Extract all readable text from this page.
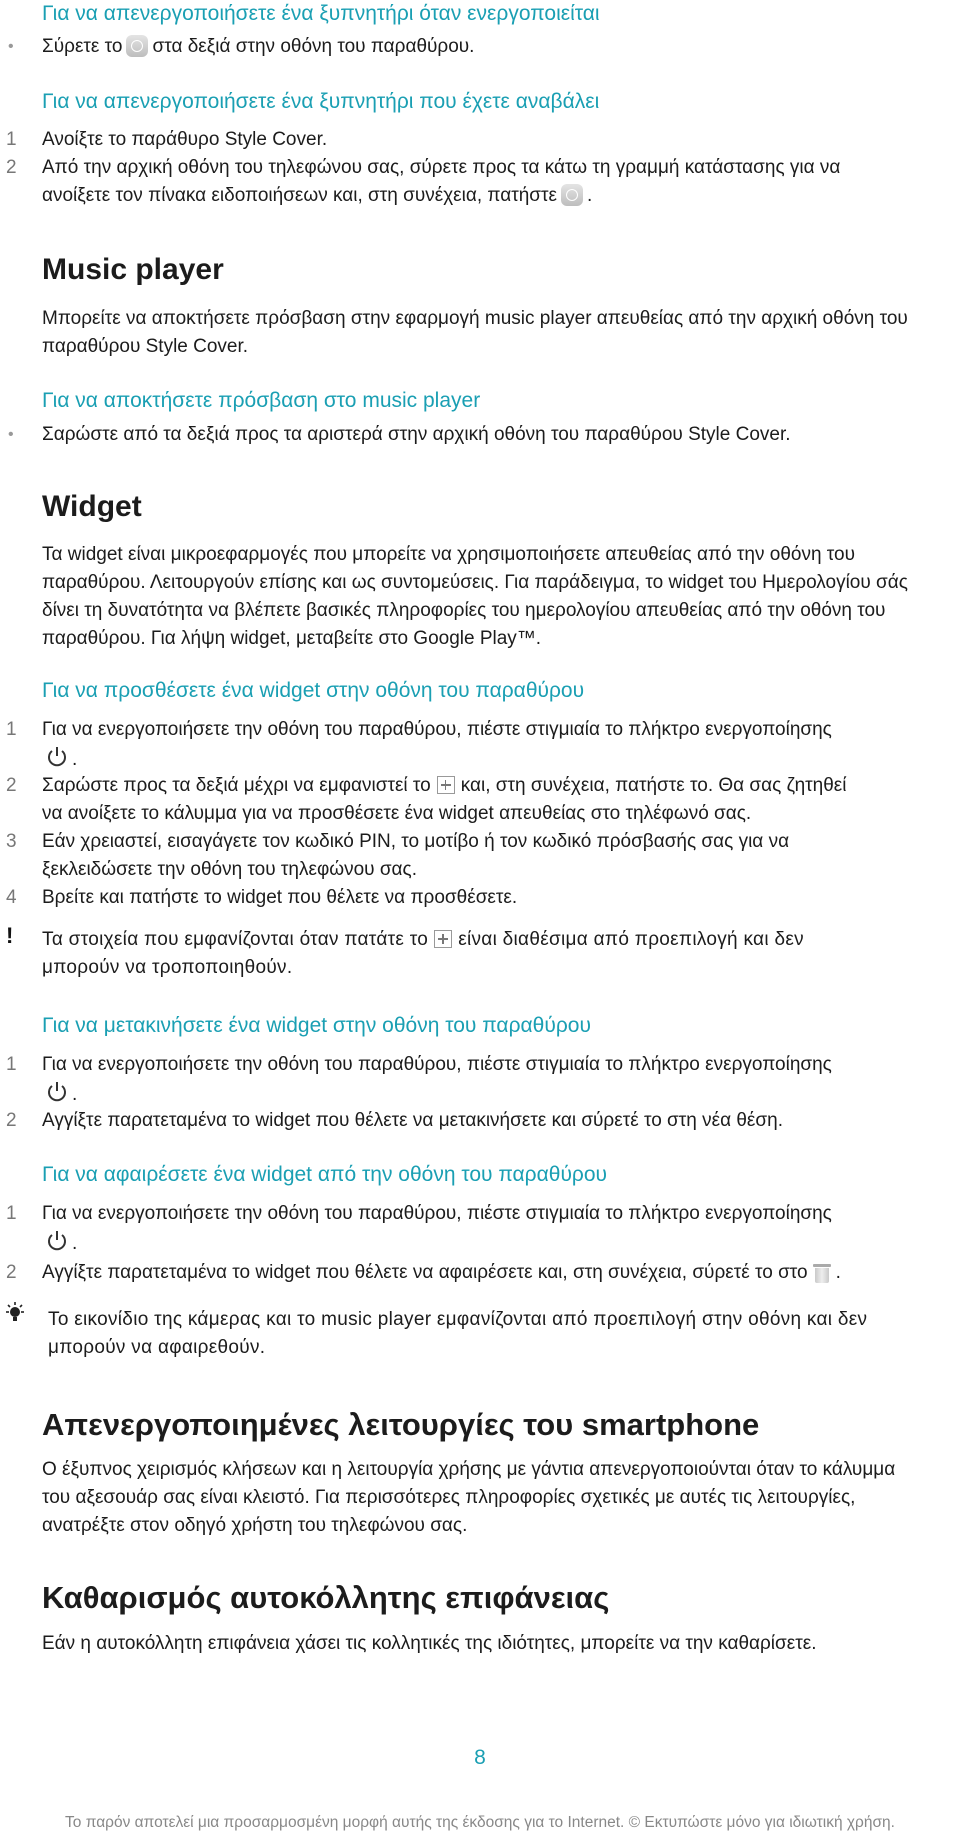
Για να απενεργοποιήσετε ένα ξυπνητήρι όταν ενεργοποιείται
• Σύρετε το στα δεξιά στην οθόνη του παραθύρου.
Για να απενεργοποιήσετε ένα ξυπνητήρι που έχετε αναβάλει
1 Ανοίξτε το παράθυρο Style Cover.
2 Από την αρχική οθόνη του τηλεφώνου σας, σύρετε προς τα κάτω τη γραμμή κατάστασης για να
ανοίξετε τον πίνακα ειδοποιήσεων και, στη συνέχεια, πατήστε .
Music player
Μπορείτε να αποκτήσετε πρόσβαση στην εφαρμογή music player απευθείας από την αρχική οθόνη του
παραθύρου Style Cover.
Για να αποκτήσετε πρόσβαση στο music player
• Σαρώστε από τα δεξιά προς τα αριστερά στην αρχική οθόνη του παραθύρου Style Cover.
Widget
Τα widget είναι μικροεφαρμογές που μπορείτε να χρησιμοποιήσετε απευθείας από την οθόνη του
παραθύρου. Λειτουργούν επίσης και ως συντομεύσεις. Για παράδειγμα, το widget του Ημερολογίου σάς
δίνει τη δυνατότητα να βλέπετε βασικές πληροφορίες του ημερολογίου απευθείας από την οθόνη του
παραθύρου. Για λήψη widget, μεταβείτε στο Google Play™.
Για να προσθέσετε ένα widget στην οθόνη του παραθύρου
1 Για να ενεργοποιήσετε την οθόνη του παραθύρου, πιέστε στιγμιαία το πλήκτρο ενεργοποίησης
.
2 Σαρώστε προς τα δεξιά μέχρι να εμφανιστεί το και, στη συνέχεια, πατήστε το. Θα σας ζητηθεί
να ανοίξετε το κάλυμμα για να προσθέσετε ένα widget απευθείας στο τηλέφωνό σας.
3 Εάν χρειαστεί, εισαγάγετε τον κωδικό PIN, το μοτίβο ή τον κωδικό πρόσβασής σας για να
ξεκλειδώσετε την οθόνη του τηλεφώνου σας.
4 Βρείτε και πατήστε το widget που θέλετε να προσθέσετε.
! Τα στοιχεία που εμφανίζονται όταν πατάτε το είναι διαθέσιμα από προεπιλογή και δεν
μπορούν να τροποποιηθούν.
Για να μετακινήσετε ένα widget στην οθόνη του παραθύρου
1 Για να ενεργοποιήσετε την οθόνη του παραθύρου, πιέστε στιγμιαία το πλήκτρο ενεργοποίησης
.
2 Αγγίξτε παρατεταμένα το widget που θέλετε να μετακινήσετε και σύρετέ το στη νέα θέση.
Για να αφαιρέσετε ένα widget από την οθόνη του παραθύρου
1 Για να ενεργοποιήσετε την οθόνη του παραθύρου, πιέστε στιγμιαία το πλήκτρο ενεργοποίησης
.
2 Αγγίξτε παρατεταμένα το widget που θέλετε να αφαιρέσετε και, στη συνέχεια, σύρετέ το στο .
Το εικονίδιο της κάμερας και το music player εμφανίζονται από προεπιλογή στην οθόνη και δεν
μπορούν να αφαιρεθούν.
Απενεργοποιημένες λειτουργίες του smartphone
Ο έξυπνος χειρισμός κλήσεων και η λειτουργία χρήσης με γάντια απενεργοποιούνται όταν το κάλυμμα
του αξεσουάρ σας είναι κλειστό. Για περισσότερες πληροφορίες σχετικές με αυτές τις λειτουργίες,
ανατρέξτε στον οδηγό χρήστη του τηλεφώνου σας.
Καθαρισμός αυτοκόλλητης επιφάνειας
Εάν η αυτοκόλλητη επιφάνεια χάσει τις κολλητικές της ιδιότητες, μπορείτε να την καθαρίσετε.
8
Το παρόν αποτελεί μια προσαρμοσμένη μορφή αυτής της έκδοσης για το Internet. © Εκτυπώστε μόνο για ιδιωτική χρήση.
